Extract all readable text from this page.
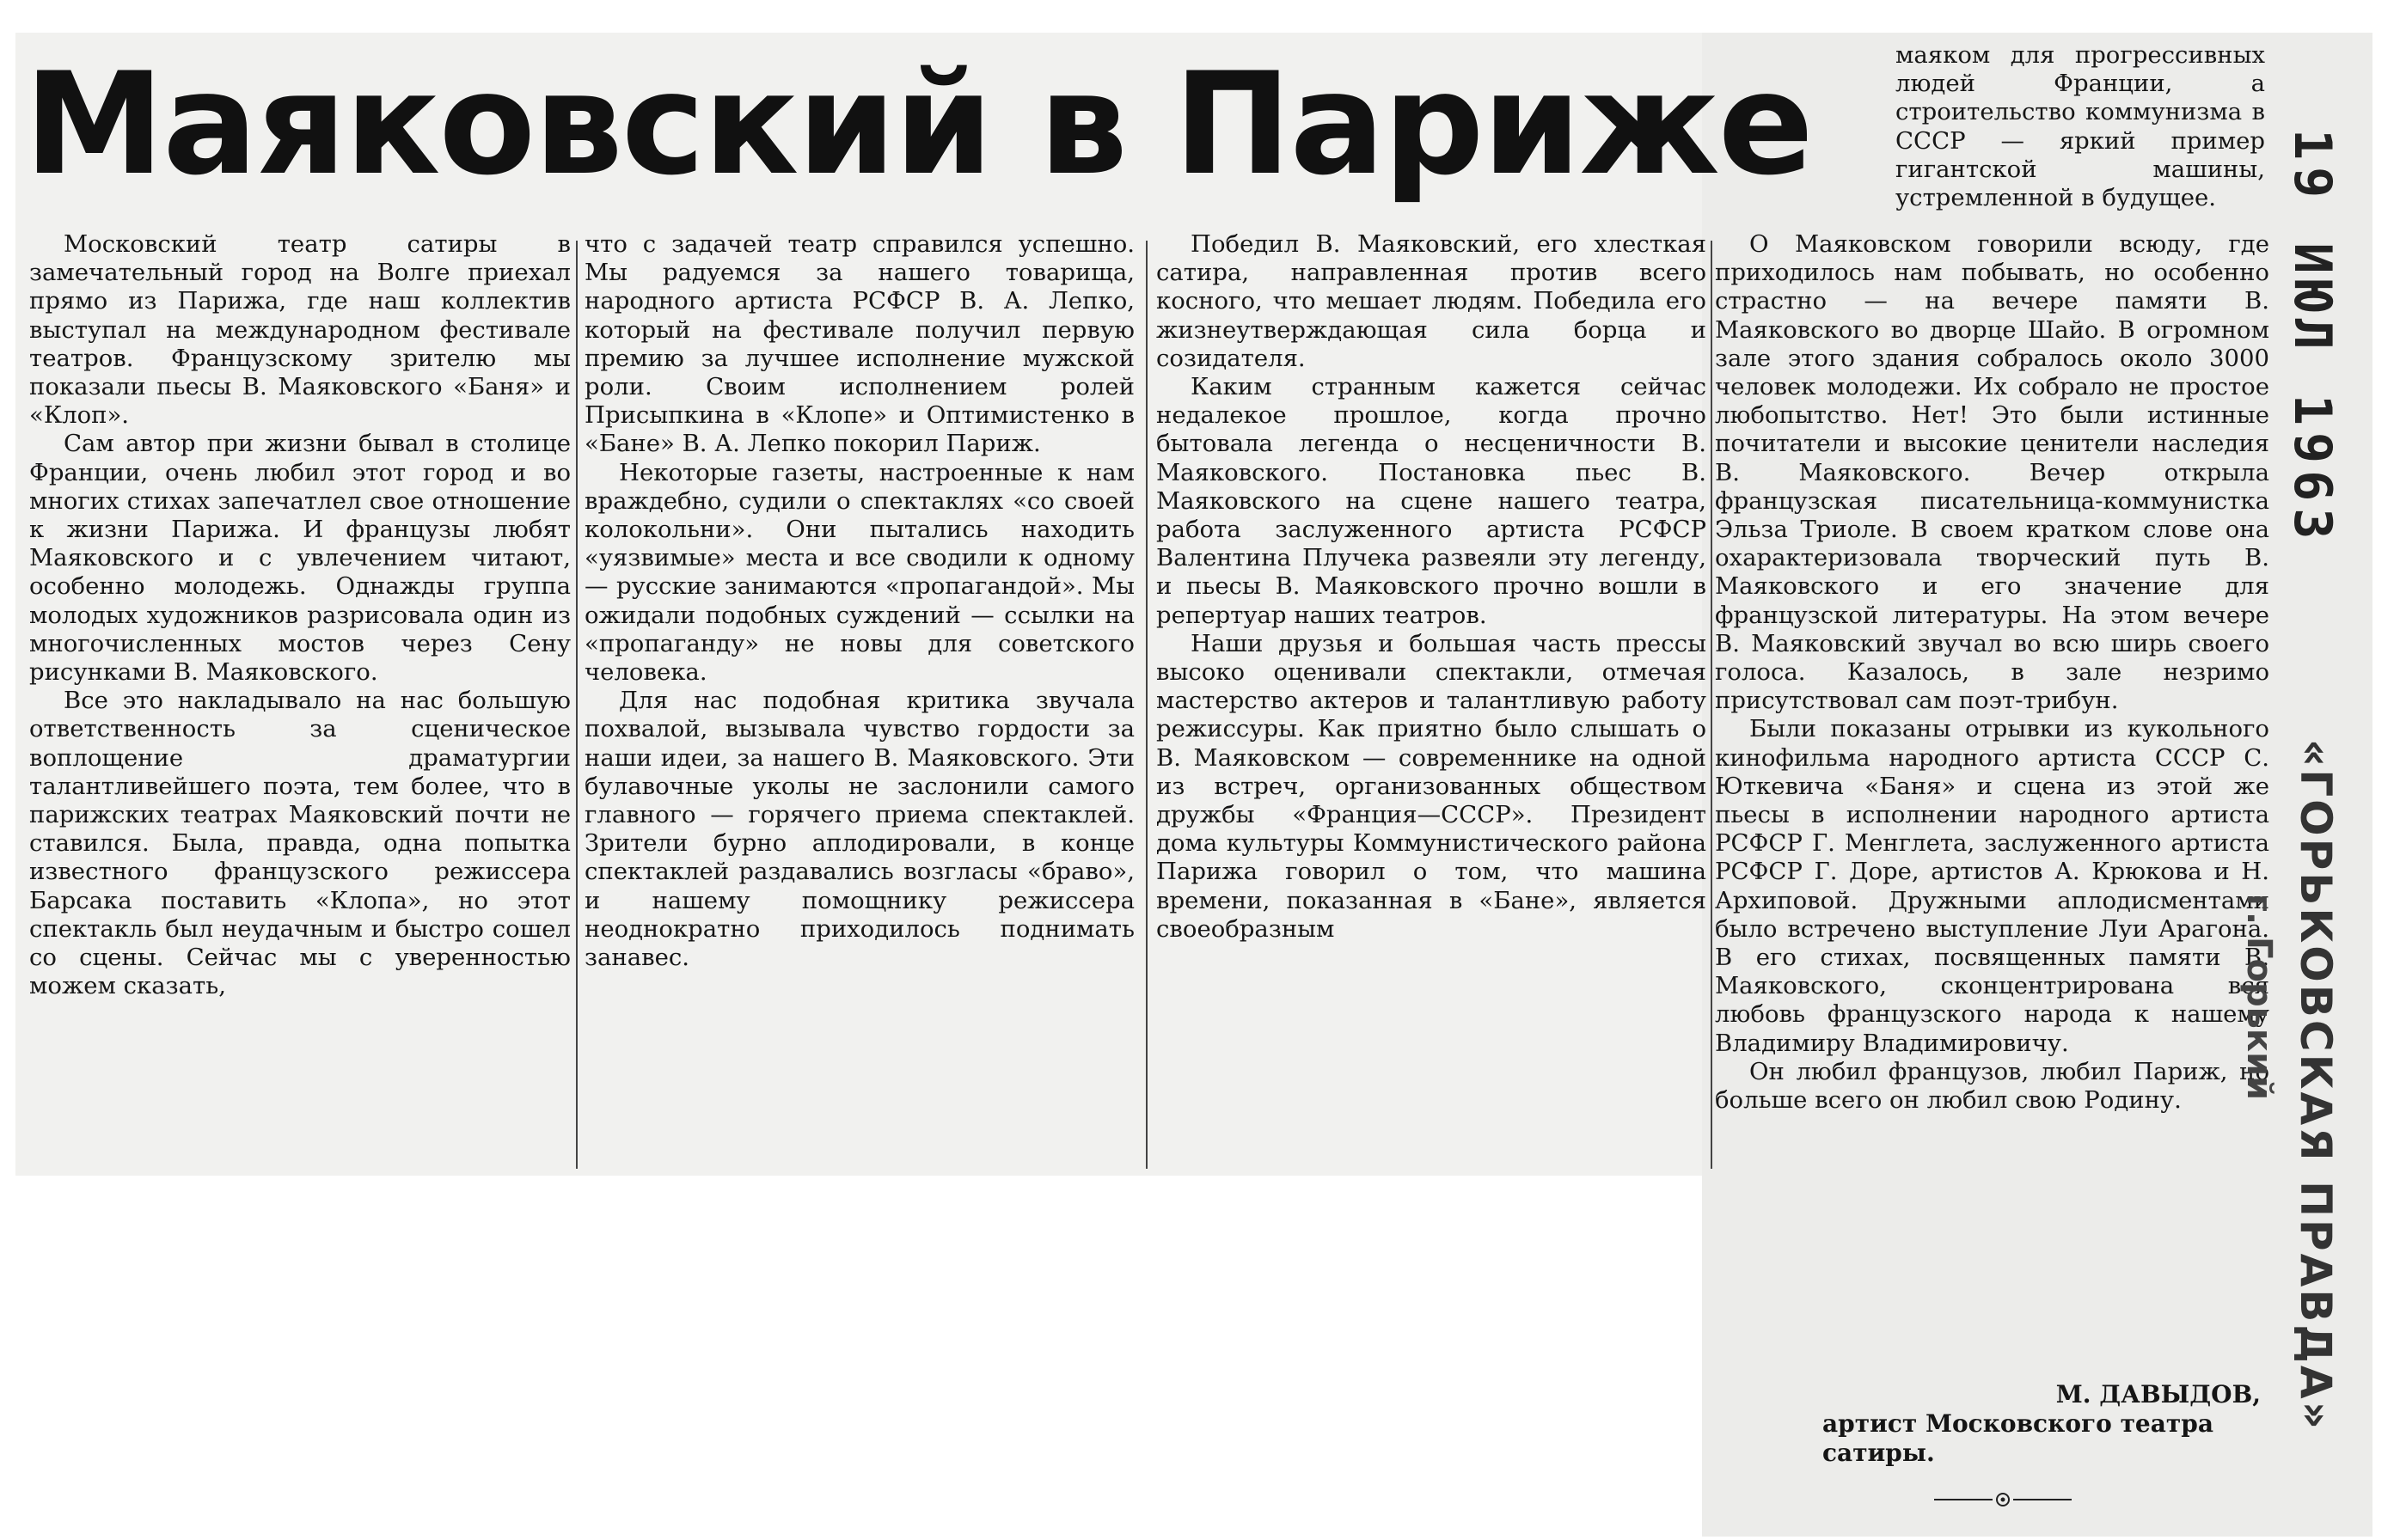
Маяковский в Париже	маяком для прогрессивных людей Франции, а строительство коммунизма в СССР — яркий пример гигантской машины, устремленной в будущее.

Московский театр сатиры в замечательный город на Волге приехал прямо из Парижа, где наш коллектив выступал на международном фестивале театров. Французскому зрителю мы показали пьесы В. Маяковского «Баня» и «Клоп».

Сам автор при жизни бывал в столице Франции, очень любил этот город и во многих стихах запечатлел свое отношение к жизни Парижа. И французы любят Маяковского и с увлечением читают, особенно молодежь. Однажды группа молодых художников разрисовала один из многочисленных мостов через Сену рисунками В. Маяковского.

Все это накладывало на нас большую ответственность за сценическое воплощение драматургии талантливейшего поэта, тем более, что в парижских театрах Маяковский почти не ставился. Была, правда, одна попытка известного французского режиссера Барсака поставить «Клопа», но этот спектакль был неудачным и быстро сошел со сцены. Сейчас мы с уверенностью можем сказать,

что с задачей театр справился успешно. Мы радуемся за нашего товарища, народного артиста РСФСР В. А. Лепко, который на фестивале получил первую премию за лучшее исполнение мужской роли. Своим исполнением ролей Присыпкина в «Клопе» и Оптимистенко в «Бане» В. А. Лепко покорил Париж.

Некоторые газеты, настроенные к нам враждебно, судили о спектаклях «со своей колокольни». Они пытались находить «уязвимые» места и все сводили к одному — русские занимаются «пропагандой». Мы ожидали подобных суждений — ссылки на «пропаганду» не новы для советского человека.

Для нас подобная критика звучала похвалой, вызывала чувство гордости за наши идеи, за нашего В. Маяковского. Эти булавочные уколы не заслонили самого главного — горячего приема спектаклей. Зрители бурно аплодировали, в конце спектаклей раздавались возгласы «браво», и нашему помощнику режиссера неоднократно приходилось поднимать занавес.

Победил В. Маяковский, его хлесткая сатира, направленная против всего косного, что мешает людям. Победила его жизнеутверждающая сила борца и созидателя.

Каким странным кажется сейчас недалекое прошлое, когда прочно бытовала легенда о несценичности В. Маяковского. Постановка пьес В. Маяковского на сцене нашего театра, работа заслуженного артиста РСФСР Валентина Плучека развеяли эту легенду, и пьесы В. Маяковского прочно вошли в репертуар наших театров.

Наши друзья и большая часть прессы высоко оценивали спектакли, отмечая мастерство актеров и талантливую работу режиссуры. Как приятно было слышать о В. Маяковском — современнике на одной из встреч, организованных обществом дружбы «Франция—СССР». Президент дома культуры Коммунистического района Парижа говорил о том, что машина времени, показанная в «Бане», является своеобразным

О Маяковском говорили всюду, где приходилось нам побывать, но особенно страстно — на вечере памяти В. Маяковского во дворце Шайо. В огромном зале этого здания собралось около 3000 человек молодежи. Их собрало не простое любопытство. Нет! Это были истинные почитатели и высокие ценители наследия В. Маяковского. Вечер открыла французская писательница-коммунистка Эльза Триоле. В своем кратком слове она охарактеризовала творческий путь В. Маяковского и его значение для французской литературы. На этом вечере В. Маяковский звучал во всю ширь своего голоса. Казалось, в зале незримо присутствовал сам поэт-трибун.

Были показаны отрывки из кукольного кинофильма народного артиста СССР С. Юткевича «Баня» и сцена из этой же пьесы в исполнении народного артиста РСФСР Г. Менглета, заслуженного артиста РСФСР Г. Доре, артистов А. Крюкова и Н. Архиповой. Дружными аплодисментами было встречено выступление Луи Арагона. В его стихах, посвященных памяти В. Маяковского, сконцентрирована вся любовь французского народа к нашему Владимиру Владимировичу.

Он любил французов, любил Париж, но больше всего он любил свою Родину.

М. ДАВЫДОВ,
артист Московского театра сатиры.
19 ИЮЛ 1963
«ГОРЬКОВСКАЯ ПРАВДА»
г. Горький
